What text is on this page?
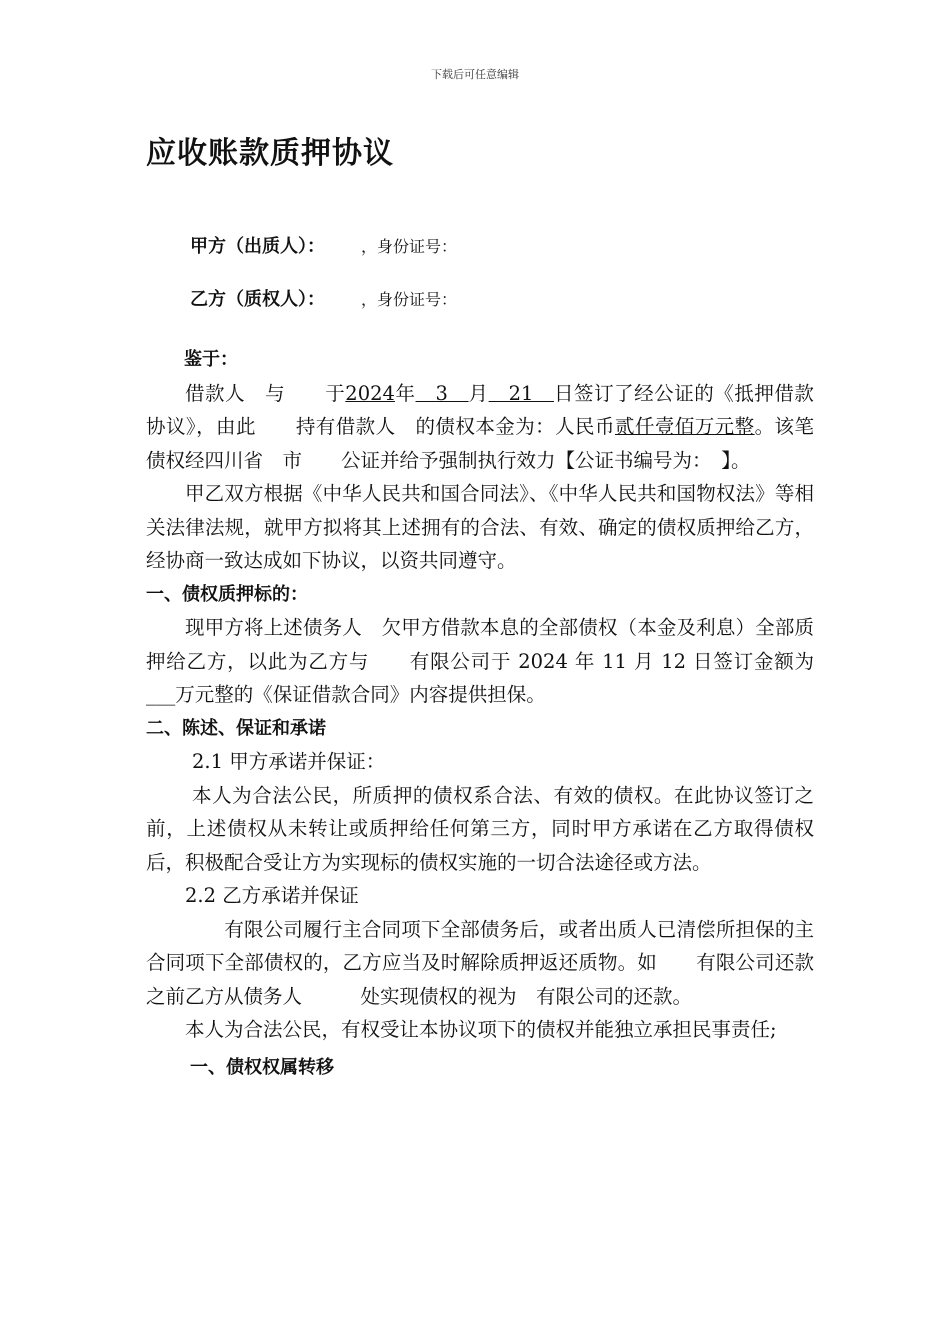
下载后可任意编辑
应收账款质押协议
甲方（出质人）： ，身份证号：
乙方（质权人）： ，身份证号：

鉴于：

借款人　与　　于2024年　3　月　21　日签订了经公证的《抵押借款协议》，由此　　持有借款人　的债权本金为：人民币贰仟壹佰万元整。该笔债权经四川省　市　　公证并给予强制执行效力【公证书编号为：　】。

甲乙双方根据《中华人民共和国合同法》、《中华人民共和国物权法》等相关法律法规，就甲方拟将其上述拥有的合法、有效、确定的债权质押给乙方，经协商一致达成如下协议，以资共同遵守。

一、债权质押标的：

现甲方将上述债务人　欠甲方借款本息的全部债权（本金及利息）全部质押给乙方，以此为乙方与　　有限公司于 2024 年 11 月 12 日签订金额为___万元整的《保证借款合同》内容提供担保。

二、陈述、保证和承诺

2.1 甲方承诺并保证：

本人为合法公民，所质押的债权系合法、有效的债权。在此协议签订之前，上述债权从未转让或质押给任何第三方，同时甲方承诺在乙方取得债权后，积极配合受让方为实现标的债权实施的一切合法途径或方法。

2.2 乙方承诺并保证

　　有限公司履行主合同项下全部债务后，或者出质人已清偿所担保的主合同项下全部债权的，乙方应当及时解除质押返还质物。如　　有限公司还款之前乙方从债务人　　　处实现债权的视为　有限公司的还款。

本人为合法公民，有权受让本协议项下的债权并能独立承担民事责任;

一、债权权属转移
